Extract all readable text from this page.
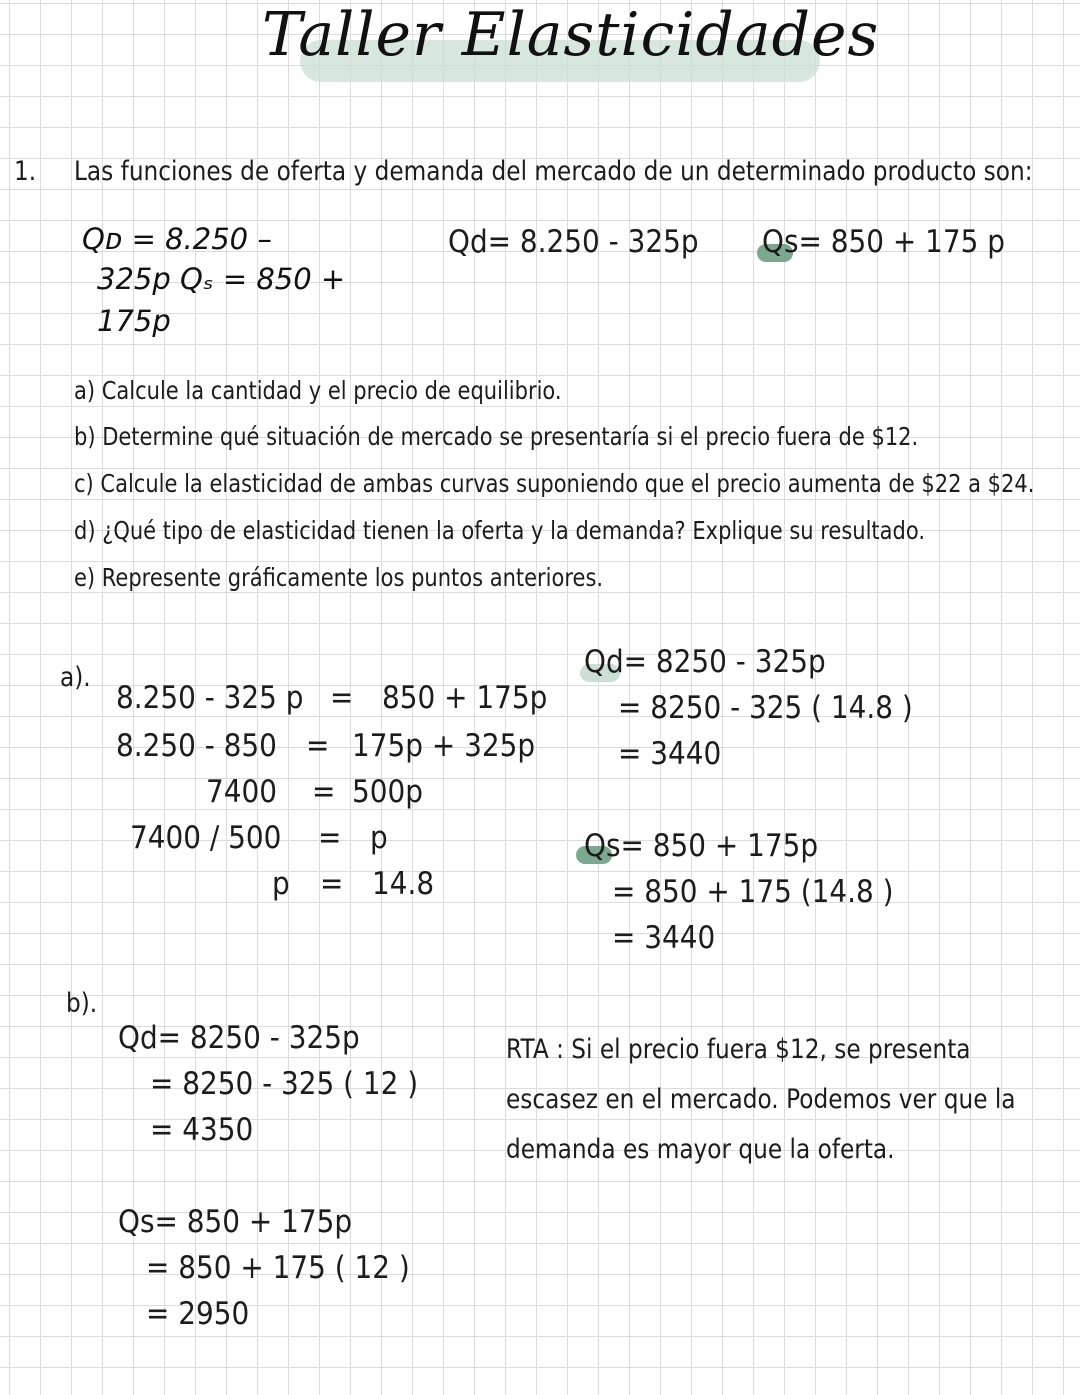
Taller Elasticidades
1. Las funciones de oferta y demanda del mercado de un determinado producto son:
Qᴅ = 8.250 –
325p Qₛ = 850 +
175p
Qd= 8.250 - 325p Qs= 850 + 175 p
a) Calcule la cantidad y el precio de equilibrio.
b) Determine qué situación de mercado se presentaría si el precio fuera de $12.
c) Calcule la elasticidad de ambas curvas suponiendo que el precio aumenta de $22 a $24.
d) ¿Qué tipo de elasticidad tienen la oferta y la demanda? Explique su resultado.
e) Represente gráficamente los puntos anteriores.
a).
8.250 - 325 p = 850 + 175p
8.250 - 850 = 175p + 325p
7400 = 500p
7400 / 500 = p
p = 14.8
Qd= 8250 - 325p
= 8250 - 325 ( 14.8 )
= 3440
Qs= 850 + 175p
= 850 + 175 (14.8 )
= 3440
b).
Qd= 8250 - 325p
= 8250 - 325 ( 12 )
= 4350
Qs= 850 + 175p
= 850 + 175 ( 12 )
= 2950
RTA : Si el precio fuera $12, se presenta
escasez en el mercado. Podemos ver que la
demanda es mayor que la oferta.
